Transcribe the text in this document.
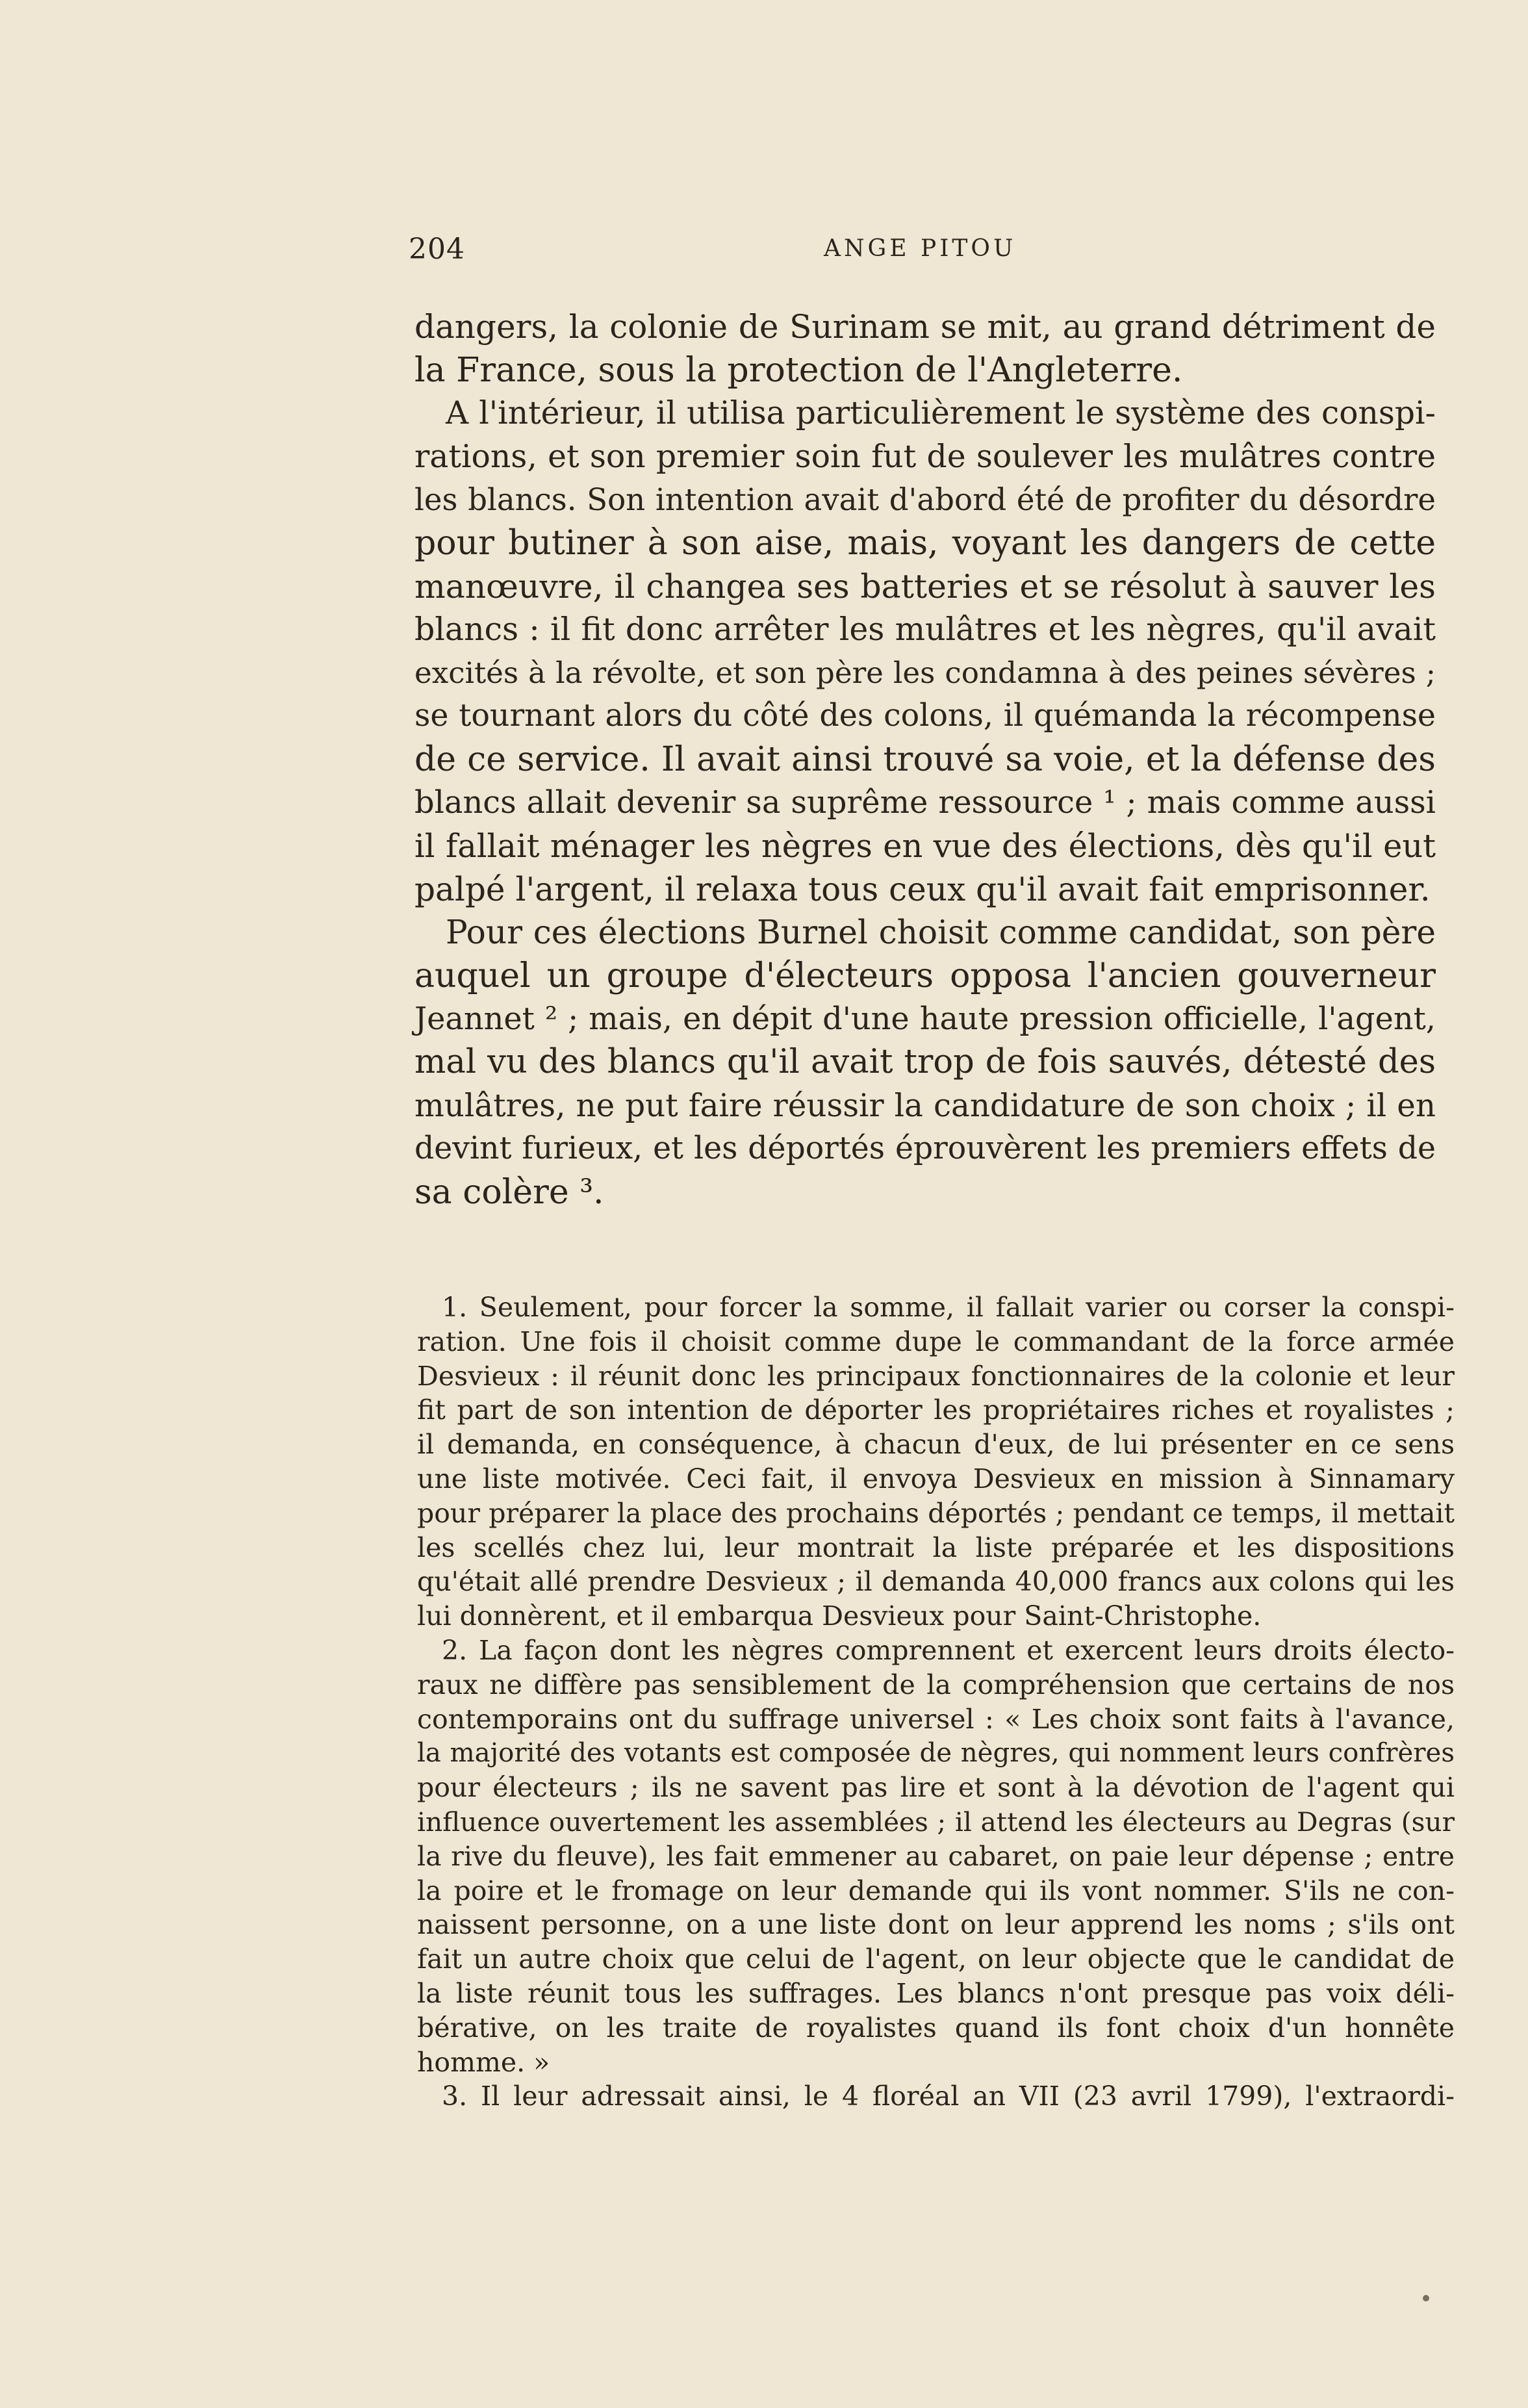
204	ANGE PITOU
dangers, la colonie de Surinam se mit, au grand détriment de
la France, sous la protection de l'Angleterre.
A l'intérieur, il utilisa particulièrement le système des conspi-
rations, et son premier soin fut de soulever les mulâtres contre
les blancs. Son intention avait d'abord été de profiter du désordre
pour butiner à son aise, mais, voyant les dangers de cette
manœuvre, il changea ses batteries et se résolut à sauver les
blancs : il fit donc arrêter les mulâtres et les nègres, qu'il avait
excités à la révolte, et son père les condamna à des peines sévères ;
se tournant alors du côté des colons, il quémanda la récompense
de ce service. Il avait ainsi trouvé sa voie, et la défense des
blancs allait devenir sa suprême ressource ¹ ; mais comme aussi
il fallait ménager les nègres en vue des élections, dès qu'il eut
palpé l'argent, il relaxa tous ceux qu'il avait fait emprisonner.
Pour ces élections Burnel choisit comme candidat, son père
auquel un groupe d'électeurs opposa l'ancien gouverneur
Jeannet ² ; mais, en dépit d'une haute pression officielle, l'agent,
mal vu des blancs qu'il avait trop de fois sauvés, détesté des
mulâtres, ne put faire réussir la candidature de son choix ; il en
devint furieux, et les déportés éprouvèrent les premiers effets de
sa colère ³.
1. Seulement, pour forcer la somme, il fallait varier ou corser la conspi-
ration. Une fois il choisit comme dupe le commandant de la force armée
Desvieux : il réunit donc les principaux fonctionnaires de la colonie et leur
fit part de son intention de déporter les propriétaires riches et royalistes ;
il demanda, en conséquence, à chacun d'eux, de lui présenter en ce sens
une liste motivée. Ceci fait, il envoya Desvieux en mission à Sinnamary
pour préparer la place des prochains déportés ; pendant ce temps, il mettait
les scellés chez lui, leur montrait la liste préparée et les dispositions
qu'était allé prendre Desvieux ; il demanda 40,000 francs aux colons qui les
lui donnèrent, et il embarqua Desvieux pour Saint-Christophe.
2. La façon dont les nègres comprennent et exercent leurs droits électo-
raux ne diffère pas sensiblement de la compréhension que certains de nos
contemporains ont du suffrage universel : « Les choix sont faits à l'avance,
la majorité des votants est composée de nègres, qui nomment leurs confrères
pour électeurs ; ils ne savent pas lire et sont à la dévotion de l'agent qui
influence ouvertement les assemblées ; il attend les électeurs au Degras (sur
la rive du fleuve), les fait emmener au cabaret, on paie leur dépense ; entre
la poire et le fromage on leur demande qui ils vont nommer. S'ils ne con-
naissent personne, on a une liste dont on leur apprend les noms ; s'ils ont
fait un autre choix que celui de l'agent, on leur objecte que le candidat de
la liste réunit tous les suffrages. Les blancs n'ont presque pas voix déli-
bérative, on les traite de royalistes quand ils font choix d'un honnête
homme. »
3. Il leur adressait ainsi, le 4 floréal an VII (23 avril 1799), l'extraordi-
